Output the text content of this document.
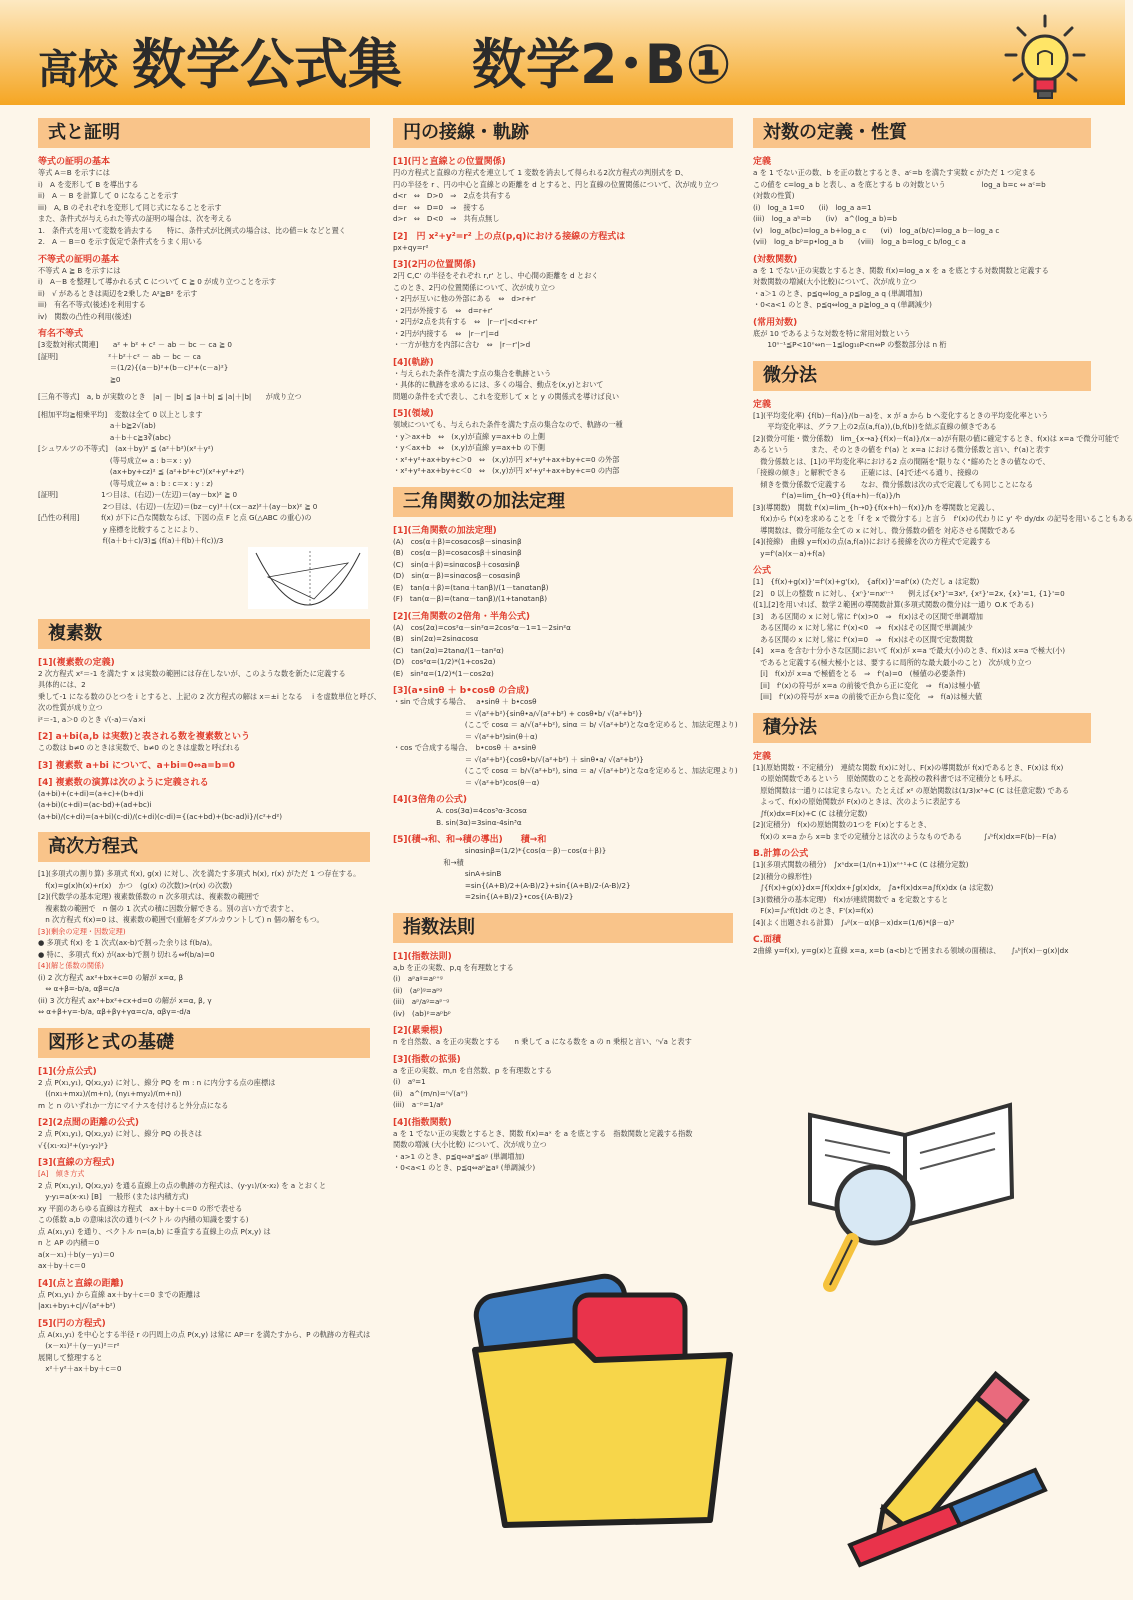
高校 数学公式集 数学2･B①
式と証明
等式の証明の基本
等式 A＝B を示すには
i)　A を変形して B を導出する
ii)　A － B を計算して 0 になることを示す
iii)　A, B のそれぞれを変形して同じ式になることを示す
また、条件式が与えられた等式の証明の場合は、次を考える
1.　条件式を用いて変数を消去する　　特に、条件式が比例式の場合は、比の値＝k などと置く
2.　A － B＝0 を示す仮定で条件式をうまく用いる
不等式の証明の基本
不等式 A ≧ B を示すには
i)　A－B を整理して導かれる式 C について C ≧ 0 が成り立つことを示す
ii)　√ があるときは両辺を2乗した A²≧B² を示す
iii)　有名不等式(後述)を利用する
iv)　関数の凸性の利用(後述)
有名不等式
[3変数対称式関連]　　a² + b² + c² － ab － bc － ca ≧ 0
[証明]　　　　　　　²＋b²＋c² － ab － bc － ca
　　　　　　　　　　＝(1/2){(a－b)²+(b－c)²+(c－a)²}
　　　　　　　　　　≧0
[三角不等式]　a, b が実数のとき　|a| － |b| ≦ |a＋b| ≦ |a|＋|b|　　が成り立つ
[相加平均≧相乗平均]　変数は全て 0 以上とします
　　　　　　　　　　a＋b≧2√(ab)
　　　　　　　　　　a＋b＋c≧3∛(abc)
[シュワルツの不等式]　(ax＋by)² ≦ (a²＋b²)(x²＋y²)
　　　　　　　　　　(等号成立⇔ a : b＝x : y)
　　　　　　　　　　(ax+by+cz)² ≦ (a²+b²+c²)(x²+y²+z²)
　　　　　　　　　　(等号成立⇔ a : b : c＝x : y : z)
[証明]　　　　　　1つ目は、(右辺)－(左辺)＝(ay－bx)² ≧ 0
　　　　　　　　　2つ目は、(右辺)－(左辺)＝(bz－cy)²＋(cx－az)²＋(ay－bx)² ≧ 0
[凸性の利用]　　　f(x) が下に凸な関数ならば、下図の点 F と点 G(△ABC の重心)の
　　　　　　　　　y 座標を比較することにより、
　　　　　　　　　f((a＋b＋c)/3)≦ (f(a)＋f(b)＋f(c))/3
複素数
[1](複素数の定義)
2 次方程式 x²＝-1 を満たす x は実数の範囲には存在しないが、このような数を新たに定義する
具体的には、2
乗して-1 になる数のひとつを i とすると、上記の 2 次方程式の解は x＝±i となる　 i を虚数単位と呼び、
次の性質が成り立つ
i²＝-1, a＞0 のとき √(-a)＝√a×i
[2] a+bi(a,b は実数)と表される数を複素数という
この数は b≠0 のときは実数で、b≠0 のときは虚数と呼ばれる
[3] 複素数 a+bi について、a+bi=0⇔a=b=0
[4] 複素数の演算は次のように定義される
(a+bi)+(c+di)=(a+c)+(b+d)i
(a+bi)(c+di)=(ac-bd)+(ad+bc)i
(a+bi)/(c+di)=(a+bi)(c-di)/(c+di)(c-di)={(ac+bd)+(bc-ad)i}/(c²+d²)
高次方程式
[1](多項式の割り算) 多項式 f(x), g(x) に対し、次を満たす多項式 h(x), r(x) がただ 1 つ存在する。
　f(x)=g(x)h(x)+r(x)　かつ　(g(x) の次数)>(r(x) の次数)
[2](代数学の基本定理) 複素数係数の n 次多項式は、複素数の範囲で
　複素数の範囲で　n 個の 1 次式の積に因数分解できる。別の言い方で表すと、
　n 次方程式 f(x)=0 は、複素数の範囲で(重解をダブルカウントして) n 個の解をもつ。
[3](剰余の定理・因数定理)
● 多項式 f(x) を 1 次式(ax-b)で割った余りは f(b/a)。
● 特に、多項式 f(x) が(ax-b)で割り切れる⇔f(b/a)=0
[4](解と係数の関係)
(i) 2 次方程式 ax²+bx+c=0 の解が x=α, β
　⇔ α+β=-b/a, αβ=c/a
(ii) 3 次方程式 ax³+bx²+cx+d=0 の解が x=α, β, γ
⇔ α+β+γ=-b/a, αβ+βγ+γα=c/a, αβγ=-d/a
図形と式の基礎
[1](分点公式)
2 点 P(x₁,y₁), Q(x₂,y₂) に対し、線分 PQ を m : n に内分する点の座標は
　((nx₁+mx₂)/(m+n), (ny₁+my₂)/(m+n))
m と n のいずれか一方にマイナスを付けると外分点になる
[2](2点間の距離の公式)
2 点 P(x₁,y₁), Q(x₂,y₂) に対し、線分 PQ の長さは
√{(x₁-x₂)²+(y₁-y₂)²}
[3](直線の方程式)
[A]　傾き方式
2 点 P(x₁,y₁), Q(x₂,y₂) を通る直線上の点の軌跡の方程式は、(y-y₁)/(x-x₂) を a とおくと
　y-y₁=a(x-x₁) [B]　一般形 (または内積方式)
xy 平面のあらゆる直線は方程式　ax＋by＋c＝0 の形で表せる
この係数 a,b の意味は次の通り(ベクトル の内積の知識を要する)
点 A(x₁,y₁) を通り、ベクトル n=(a,b) に垂直する直線上の点 P(x,y) は
n と AP の内積＝0
a(x－x₁)＋b(y－y₁)＝0
ax＋by＋c＝0
[4](点と直線の距離)
点 P(x₁,y₁) から直線 ax＋by＋c＝0 までの距離は
|ax₁+by₁+c|/√(a²+b²)
[5](円の方程式)
点 A(x₁,y₁) を中心とする半径 r の円周上の点 P(x,y) は常に AP＝r を満たすから、P の軌跡の方程式は
　(x－x₁)²＋(y－y₁)²＝r²
展開して整理すると
　x²＋y²＋ax＋by＋c＝0
円の接線・軌跡
[1](円と直線との位置関係)
円の方程式と直線の方程式を連立して 1 変数を消去して得られる2次方程式の判別式を D、
円の半径を r 、円の中心と直線との距離を d とすると、円と直線の位置関係について、次が成り立つ
d<r　⇔　D>0　⇒　2点を共有する
d=r　⇔　D=0　⇒　接する
d>r　⇔　D<0　⇒　共有点無し
[2]　円 x²+y²=r² 上の点(p,q)における接線の方程式は
px+qy=r²
[3](2円の位置関係)
2円 C,C' の半径をそれぞれ r,r' とし、中心間の距離を d とおく
このとき、2円の位置関係について、次が成り立つ
・2円が互いに他の外部にある　⇔　d>r+r'
・2円が外接する　⇔　d=r+r'
・2円が2点を共有する　⇔　|r－r'|<d<r+r'
・2円が内接する　⇔　|r－r'|=d
・一方が他方を内部に含む　⇔　|r－r'|>d
[4](軌跡)
・与えられた条件を満たす点の集合を軌跡という
・具体的に軌跡を求めるには、多くの場合、動点を(x,y)とおいて
問題の条件を式で表し、これを変形して x と y の関係式を導けば良い
[5](領域)
領域についても、与えられた条件を満たす点の集合なので、軌跡の一種
・y＞ax+b　⇔　(x,y)が直線 y=ax+b の上側
・y＜ax+b　⇔　(x,y)が直線 y=ax+b の下側
・x²+y²+ax+by+c＞0　⇔　(x,y)が円 x²+y²+ax+by+c=0 の外部
・x²+y²+ax+by+c＜0　⇔　(x,y)が円 x²+y²+ax+by+c=0 の内部
三角関数の加法定理
[1](三角関数の加法定理)
(A)　cos(α＋β)=cosαcosβ－sinαsinβ
(B)　cos(α－β)=cosαcosβ＋sinαsinβ
(C)　sin(α＋β)=sinαcosβ＋cosαsinβ
(D)　sin(α－β)=sinαcosβ－cosαsinβ
(E)　tan(α＋β)=(tanα＋tanβ)/(1－tanαtanβ)
(F)　tan(α－β)=(tanα－tanβ)/(1+tanαtanβ)
[2](三角関数の2倍角・半角公式)
(A)　cos(2α)=cos²α－sin²α=2cos²α－1=1－2sin²α
(B)　sin(2α)=2sinαcosα
(C)　tan(2α)=2tanα/(1－tan²α)
(D)　cos²α=(1/2)*(1+cos2α)
(E)　sin²α=(1/2)*(1－cos2α)
[3](a•sinθ ＋ b•cosθ の合成)
・sin で合成する場合、　 a•sinθ ＋ b•cosθ
　　　　　　　　　　＝ √(a²+b²){sinθ•a/√(a²+b²) + cosθ•b/ √(a²+b²)}
　　　　　　　　　　(ここで cosα ＝ a/√(a²+b²), sinα ＝ b/ √(a²+b²)となαを定めると、加法定理より)
　　　　　　　　　　＝ √(a²+b²)sin(θ＋α)
・cos で合成する場合、　b•cosθ ＋ a•sinθ
　　　　　　　　　　＝ √(a²+b²){cosθ•b/√(a²+b²) ＋ sinθ•a/ √(a²+b²)}
　　　　　　　　　　(ここで cosα ＝ b/√(a²+b²), sinα ＝ a/ √(a²+b²)となαを定めると、加法定理より)
　　　　　　　　　　＝ √(a²+b²)cos(θ－α)
[4](3倍角の公式)
　　　　　　A. cos(3α)=4cos³α-3cosα
　　　　　　B. sin(3α)=3sinα-4sin³α
[5](積→和、和→積の導出)　　積→和
　　　　　　　　　　sinαsinβ=(1/2)*{cos(α－β)－cos(α＋β)}
　　　　　　　和→積
　　　　　　　　　　sinA+sinB
　　　　　　　　　　=sin{(A+B)/2+(A-B)/2}+sin{(A+B)/2-(A-B)/2}
　　　　　　　　　　=2sin{(A+B)/2}•cos{(A-B)/2}
指数法則
[1](指数法則)
a,b を正の実数、p,q を有理数とする
(i)　aᵖaᵍ=aᵖ⁺ᵍ
(ii)　(aᵖ)ᵍ=aᵖᵍ
(iii)　aᵖ/aᵍ=aᵖ⁻ᵍ
(iv)　(ab)ᵖ=aᵖbᵖ
[2](累乗根)
n を自然数、a を正の実数とする　　n 乗して a になる数を a の n 乗根と言い、ⁿ√a と表す
[3](指数の拡張)
a を正の実数、m,n を自然数、p を有理数とする
(i)　a⁰=1
(ii)　a^(m/n)=ⁿ√(aᵐ)
(iii)　a⁻ᵖ=1/aᵖ
[4](指数関数)
a を 1 でない正の実数とするとき、関数 f(x)=aˣ を a を底とする　指数関数と定義する指数
関数の増減 (大小比較) について、次が成り立つ
・a>1 のとき、p≦q⇔aᵖ≦aᵍ (単調増加)
・0<a<1 のとき、p≦q⇔aᵖ≧aᵍ (単調減少)
対数の定義・性質
定義
a を 1 でない正の数、b を正の数とするとき、aᶜ=b を満たす実数 c がただ 1 つ定まる
この値を c=log_a b と表し、a を底とする b の対数という　　　　　log_a b=c ⇔ aᶜ=b
(対数の性質)
(i)　log_a 1=0　　(ii)　log_a a=1
(iii)　log_a aᵇ=b　　(iv)　a^(log_a b)=b
(v)　log_a(bc)=log_a b+log_a c　　(vi)　log_a(b/c)=log_a b－log_a c
(vii)　log_a bᵖ=p•log_a b　　(viii)　log_a b=log_c b/log_c a
(対数関数)
a を 1 でない正の実数とするとき、関数 f(x)=log_a x を a を底とする対数関数と定義する
対数関数の増減(大小比較)について、次が成り立つ
・a＞1 のとき、p≦q⇔log_a p≦log_a q (単調増加)
・0<a<1 のとき、p≦q⇔log_a p≧log_a q (単調減少)
(常用対数)
底が 10 であるような対数を特に常用対数という
　　10ⁿ⁻¹≦P<10ⁿ⇔n－1≦log₁₀P<n⇔P の整数部分は n 桁
微分法
定義
[1](平均変化率) {f(b)－f(a)}/(b－a)を、x が a から b へ変化するときの平均変化率という
　　平均変化率は、グラフ上の2点(a,f(a)),(b,f(b))を結ぶ直線の傾きである
[2](微分可能・微分係数)　lim_{x→a}{f(x)－f(a)}/(x－a)が有限の値に確定するとき、f(x)は x=a で微分可能で
あるという　　　また、そのときの値を f'(a) と x=a における微分係数と言い、f'(a)と表す
　微分係数とは、[1]の平均変化率における2 点の間隔を"限りなく"縮めたときの値なので、
「接線の傾き」と解釈できる　　正確には、[4]で述べる通り、接線の
　傾きを微分係数で定義する　　なお、微分係数は次の式で定義しても同じことになる
　　　　f'(a)=lim_{h→0}{f(a+h)－f(a)}/h
[3](導関数)　関数 f'(x)=lim_{h→0}{f(x+h)－f(x)}/h を導関数と定義し、
　f(x)から f'(x)を求めることを「f を x で微分する」と言う　f'(x)の代わりに y' や dy/dx の記号を用いることもある
　導関数は、微分可能な全ての x に対し、微分係数の値を 対応させる関数である
[4](接線)　曲線 y=f(x)の点(a,f(a))における接線を次の方程式で定義する
　y=f'(a)(x－a)+f(a)
公式
[1]　{f(x)+g(x)}'=f'(x)+g'(x),　{af(x)}'=af'(x) (ただし a は定数)
[2]　0 以上の整数 n に対し、{xⁿ}'=nxⁿ⁻¹　　例えば{x³}'=3x², {x²}'=2x, {x}'=1, {1}'=0
([1],[2]を用いれば、数学２範囲の導関数計算(多項式関数の微分)は一通り O.K である)
[3]　ある区間の x に対し常に f'(x)>0　⇒　f(x)はその区間で単調増加
　ある区間の x に対し常に f'(x)<0　⇒　f(x)はその区間で単調減少
　ある区間の x に対し常に f'(x)=0　⇒　f(x)はその区間で定数関数
[4]　x=a を含む十分小さな区間において f(x)が x=a で最大(小)のとき、f(x)は x=a で極大(小)
　であると定義する(極大極小とは、要するに局所的な最大最小のこと)　次が成り立つ
　[i]　f(x)が x=a で極値をとる　⇒　f'(a)=0　(極値の必要条件)
　[ii]　f'(x)の符号が x=a の前後で負から正に変化　⇒　f(a)は極小値
　[iii]　f'(x)の符号が x=a の前後で正から負に変化　⇒　f(a)は極大値
積分法
定義
[1](原始関数・不定積分)　連続な関数 f(x)に対し、F(x)の導関数が f(x)であるとき、F(x)は f(x)
　の原始関数であるという　原始関数のことを高校の教科書では不定積分とも呼ぶ。
　原始関数は一通りには定まらない。たとえば x² の原始関数は(1/3)x³+C (C は任意定数) である
　よって、f(x)の原始関数が F(x)のときは、次のように表記する
　∫f(x)dx=F(x)+C (C は積分定数)
[2](定積分)　f(x)の原始関数の1つを F(x)とするとき、
　f(x)の x=a から x=b までの定積分とは次のようなものである　　　∫ₐᵇf(x)dx=F(b)－F(a)
B.計算の公式
[1](多項式関数の積分)　∫xⁿdx=(1/(n+1))xⁿ⁺¹+C (C は積分定数)
[2](積分の線形性)
　∫{f(x)+g(x)}dx=∫f(x)dx+∫g(x)dx,　∫a•f(x)dx=a∫f(x)dx (a は定数)
[3](微積分の基本定理)　f(x)が連続関数で a を定数とすると
　F(x)=∫ₐˣf(t)dt のとき、F'(x)=f(x)
[4](よく出題される計算)　∫ₐᵝ(x－α)(β－x)dx=(1/6)*(β－α)³
C.面積
2曲線 y=f(x), y=g(x)と直線 x=a, x=b (a<b)とで囲まれる領域の面積は、　　∫ₐᵇ|f(x)－g(x)|dx
